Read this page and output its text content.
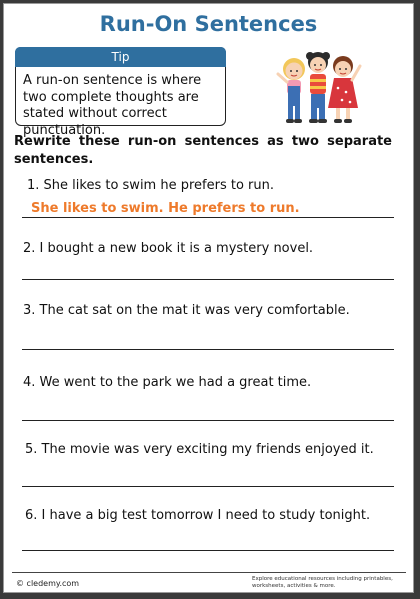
Run-On Sentences
Tip
A run-on sentence is where two complete thoughts are stated without correct punctuation.
Rewrite these run-on sentences as two separate sentences.
1. She likes to swim he prefers to run.
She likes to swim. He prefers to run.
2. I bought a new book it is a mystery novel.
3. The cat sat on the mat it was very comfortable.
4. We went to the park we had a great time.
5. The movie was very exciting my friends enjoyed it.
6. I have a big test tomorrow I need to study tonight.
© cledemy.com	Explore educational resources including printables, worksheets, activities & more.
